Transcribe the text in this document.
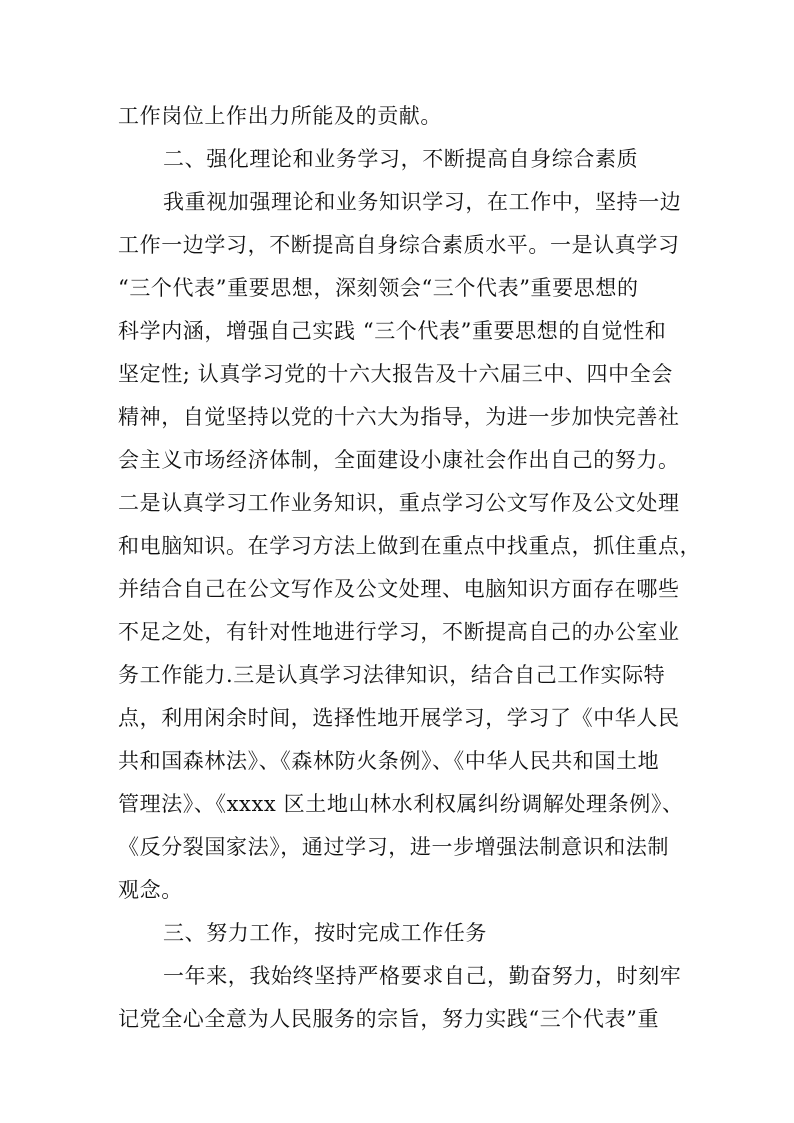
工作岗位上作出力所能及的贡献。
二、强化理论和业务学习，不断提高自身综合素质
我重视加强理论和业务知识学习，在工作中，坚持一边
工作一边学习，不断提高自身综合素质水平。一是认真学习
“三个代表”重要思想，深刻领会“三个代表”重要思想的
科学内涵，增强自己实践 “三个代表”重要思想的自觉性和
坚定性; 认真学习党的十六大报告及十六届三中、四中全会
精神，自觉坚持以党的十六大为指导，为进一步加快完善社
会主义市场经济体制，全面建设小康社会作出自己的努力。
二是认真学习工作业务知识，重点学习公文写作及公文处理
和电脑知识。在学习方法上做到在重点中找重点，抓住重点，
并结合自己在公文写作及公文处理、电脑知识方面存在哪些
不足之处，有针对性地进行学习，不断提高自己的办公室业
务工作能力.三是认真学习法律知识，结合自己工作实际特
点，利用闲余时间，选择性地开展学习，学习了《中华人民
共和国森林法》、《森林防火条例》、《中华人民共和国土地
管理法》、《xxxx 区土地山林水利权属纠纷调解处理条例》、
《反分裂国家法》，通过学习，进一步增强法制意识和法制
观念。
三、努力工作，按时完成工作任务
一年来，我始终坚持严格要求自己，勤奋努力，时刻牢
记党全心全意为人民服务的宗旨，努力实践“三个代表”重
